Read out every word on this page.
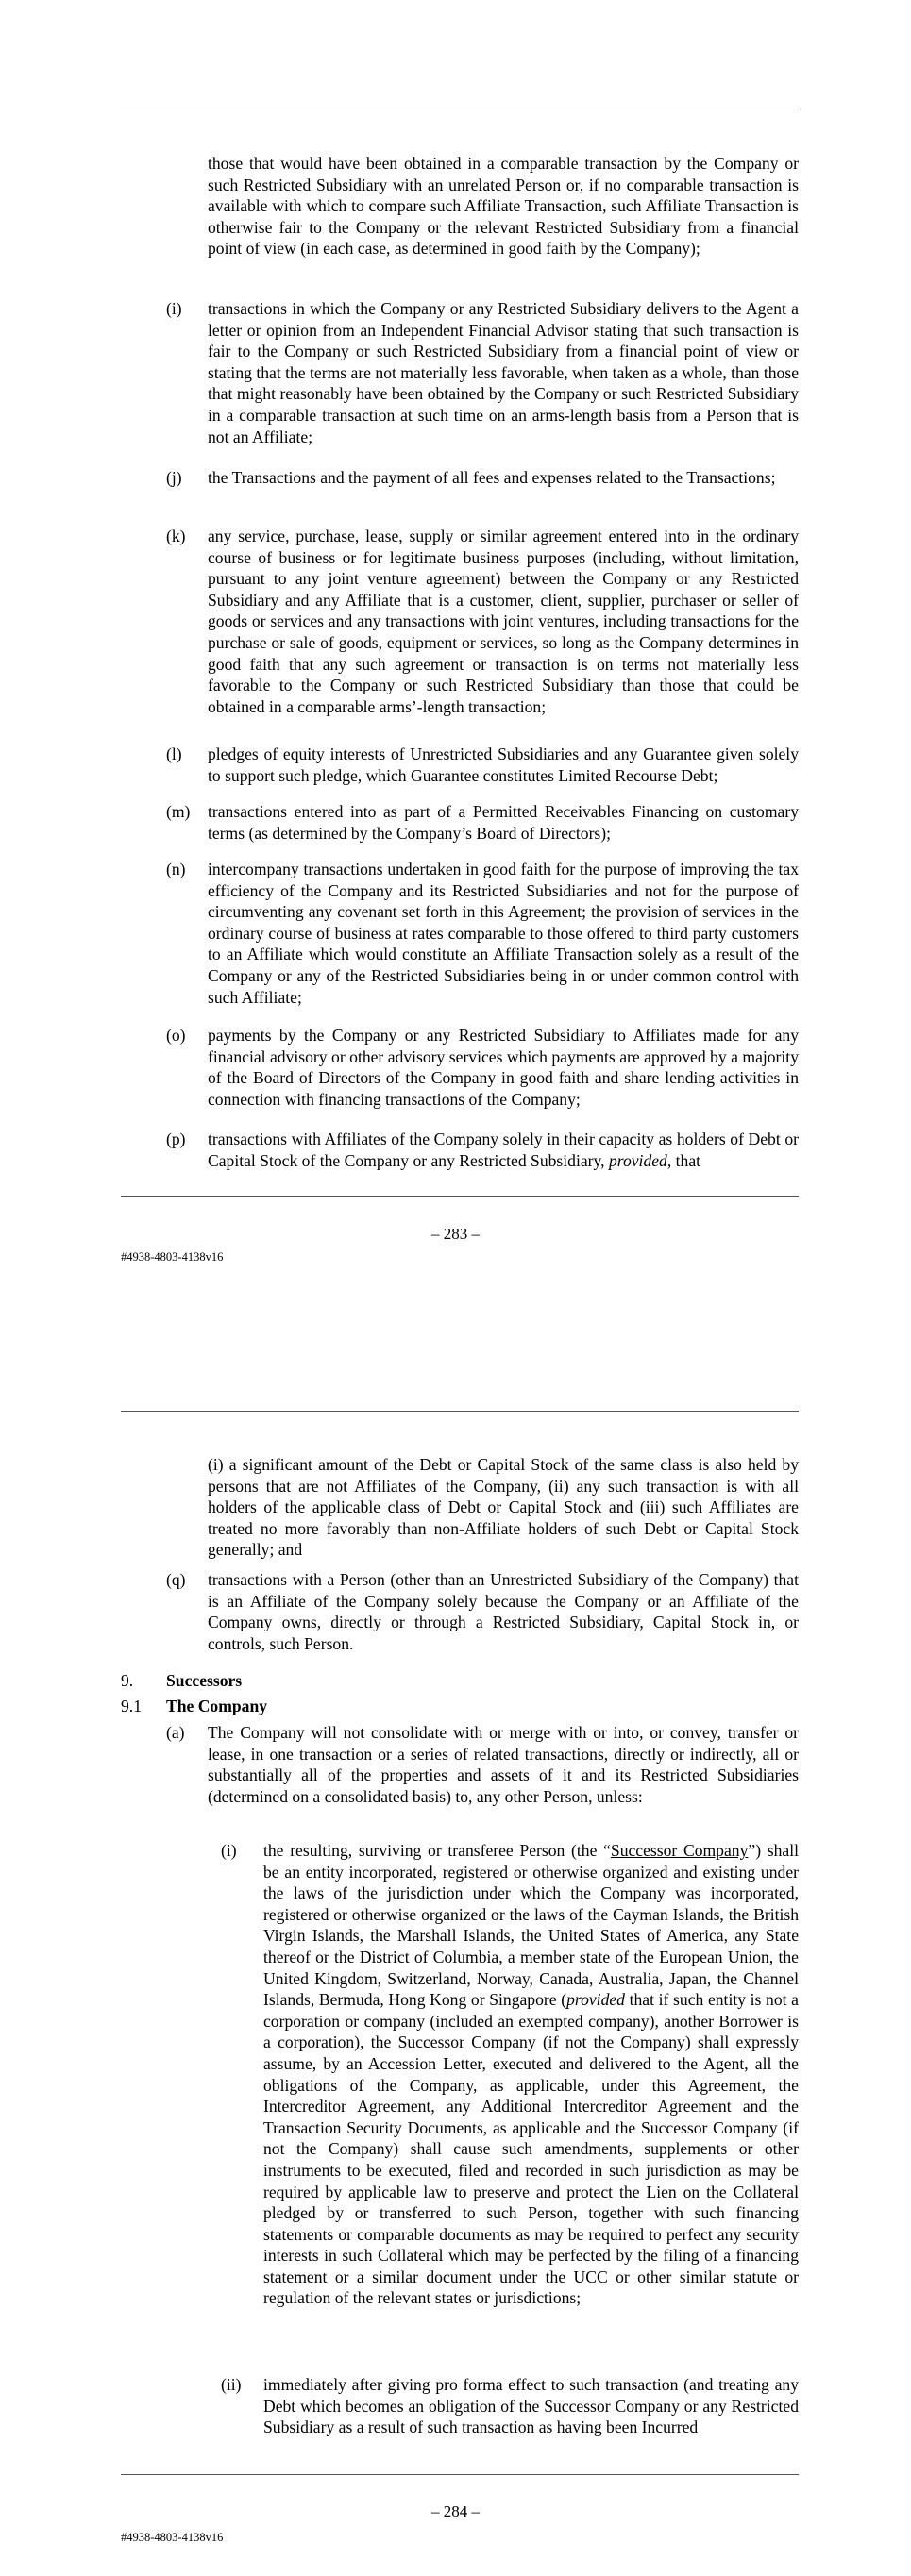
those that would have been obtained in a comparable transaction by the Company or such Restricted Subsidiary with an unrelated Person or, if no comparable transaction is available with which to compare such Affiliate Transaction, such Affiliate Transaction is otherwise fair to the Company or the relevant Restricted Subsidiary from a financial point of view (in each case, as determined in good faith by the Company);
(i) transactions in which the Company or any Restricted Subsidiary delivers to the Agent a letter or opinion from an Independent Financial Advisor stating that such transaction is fair to the Company or such Restricted Subsidiary from a financial point of view or stating that the terms are not materially less favorable, when taken as a whole, than those that might reasonably have been obtained by the Company or such Restricted Subsidiary in a comparable transaction at such time on an arms-length basis from a Person that is not an Affiliate;
(j) the Transactions and the payment of all fees and expenses related to the Transactions;
(k) any service, purchase, lease, supply or similar agreement entered into in the ordinary course of business or for legitimate business purposes (including, without limitation, pursuant to any joint venture agreement) between the Company or any Restricted Subsidiary and any Affiliate that is a customer, client, supplier, purchaser or seller of goods or services and any transactions with joint ventures, including transactions for the purchase or sale of goods, equipment or services, so long as the Company determines in good faith that any such agreement or transaction is on terms not materially less favorable to the Company or such Restricted Subsidiary than those that could be obtained in a comparable arms’-length transaction;
(l) pledges of equity interests of Unrestricted Subsidiaries and any Guarantee given solely to support such pledge, which Guarantee constitutes Limited Recourse Debt;
(m) transactions entered into as part of a Permitted Receivables Financing on customary terms (as determined by the Company’s Board of Directors);
(n) intercompany transactions undertaken in good faith for the purpose of improving the tax efficiency of the Company and its Restricted Subsidiaries and not for the purpose of circumventing any covenant set forth in this Agreement; the provision of services in the ordinary course of business at rates comparable to those offered to third party customers to an Affiliate which would constitute an Affiliate Transaction solely as a result of the Company or any of the Restricted Subsidiaries being in or under common control with such Affiliate;
(o) payments by the Company or any Restricted Subsidiary to Affiliates made for any financial advisory or other advisory services which payments are approved by a majority of the Board of Directors of the Company in good faith and share lending activities in connection with financing transactions of the Company;
(p) transactions with Affiliates of the Company solely in their capacity as holders of Debt or Capital Stock of the Company or any Restricted Subsidiary, provided, that
– 283 –
#4938-4803-4138v16
(i) a significant amount of the Debt or Capital Stock of the same class is also held by persons that are not Affiliates of the Company, (ii) any such transaction is with all holders of the applicable class of Debt or Capital Stock and (iii) such Affiliates are treated no more favorably than non-Affiliate holders of such Debt or Capital Stock generally; and
(q) transactions with a Person (other than an Unrestricted Subsidiary of the Company) that is an Affiliate of the Company solely because the Company or an Affiliate of the Company owns, directly or through a Restricted Subsidiary, Capital Stock in, or controls, such Person.
9. Successors
9.1 The Company
(a) The Company will not consolidate with or merge with or into, or convey, transfer or lease, in one transaction or a series of related transactions, directly or indirectly, all or substantially all of the properties and assets of it and its Restricted Subsidiaries (determined on a consolidated basis) to, any other Person, unless:
(i) the resulting, surviving or transferee Person (the “Successor Company”) shall be an entity incorporated, registered or otherwise organized and existing under the laws of the jurisdiction under which the Company was incorporated, registered or otherwise organized or the laws of the Cayman Islands, the British Virgin Islands, the Marshall Islands, the United States of America, any State thereof or the District of Columbia, a member state of the European Union, the United Kingdom, Switzerland, Norway, Canada, Australia, Japan, the Channel Islands, Bermuda, Hong Kong or Singapore (provided that if such entity is not a corporation or company (included an exempted company), another Borrower is a corporation), the Successor Company (if not the Company) shall expressly assume, by an Accession Letter, executed and delivered to the Agent, all the obligations of the Company, as applicable, under this Agreement, the Intercreditor Agreement, any Additional Intercreditor Agreement and the Transaction Security Documents, as applicable and the Successor Company (if not the Company) shall cause such amendments, supplements or other instruments to be executed, filed and recorded in such jurisdiction as may be required by applicable law to preserve and protect the Lien on the Collateral pledged by or transferred to such Person, together with such financing statements or comparable documents as may be required to perfect any security interests in such Collateral which may be perfected by the filing of a financing statement or a similar document under the UCC or other similar statute or regulation of the relevant states or jurisdictions;
(ii) immediately after giving pro forma effect to such transaction (and treating any Debt which becomes an obligation of the Successor Company or any Restricted Subsidiary as a result of such transaction as having been Incurred
– 284 –
#4938-4803-4138v16
